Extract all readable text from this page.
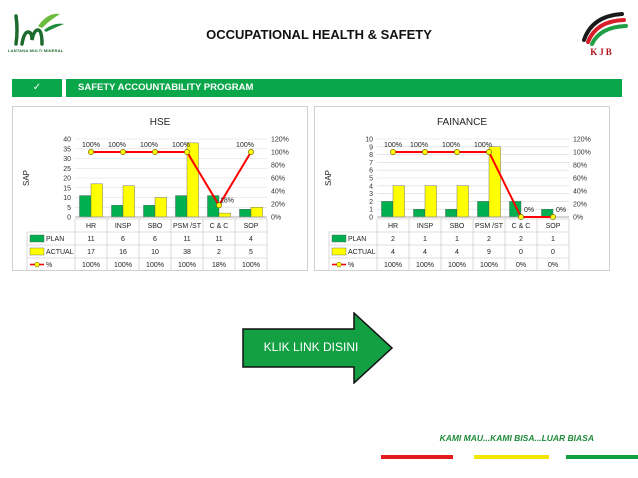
LANTANA MULTI MINERAL
OCCUPATIONAL HEALTH & SAFETY
KJB
✓	SAFETY ACCOUNTABILITY PROGRAM
HSE
SAP
0
5
10
15
20
25
30
35
40
0%
20%
40%
60%
80%
100%
120%
100% 100% 100% 100%
18%
100%
HR	INSP SBO PSM /ST C & C SOP
PLAN	11	6	6	11	11	4
ACTUAL 17	16	10	38	2	5
%	100% 100% 100% 100% 18% 100%
FAINANCE
SAP
0
1
2
3
4
5
6
7
8
9
10
0%
20%
40%
60%
80%
100%
120%
100% 100% 100% 100%
0%	0%
HR	INSP SBO PSM /ST C & C SOP
PLAN	2	1	1	2	2	1
ACTUAL 4	4	4	9	0	0
%	100% 100% 100% 100%	0%	0%
KLIK LINK DISINI
KAMI MAU...KAMI BISA...LUAR BIASA
